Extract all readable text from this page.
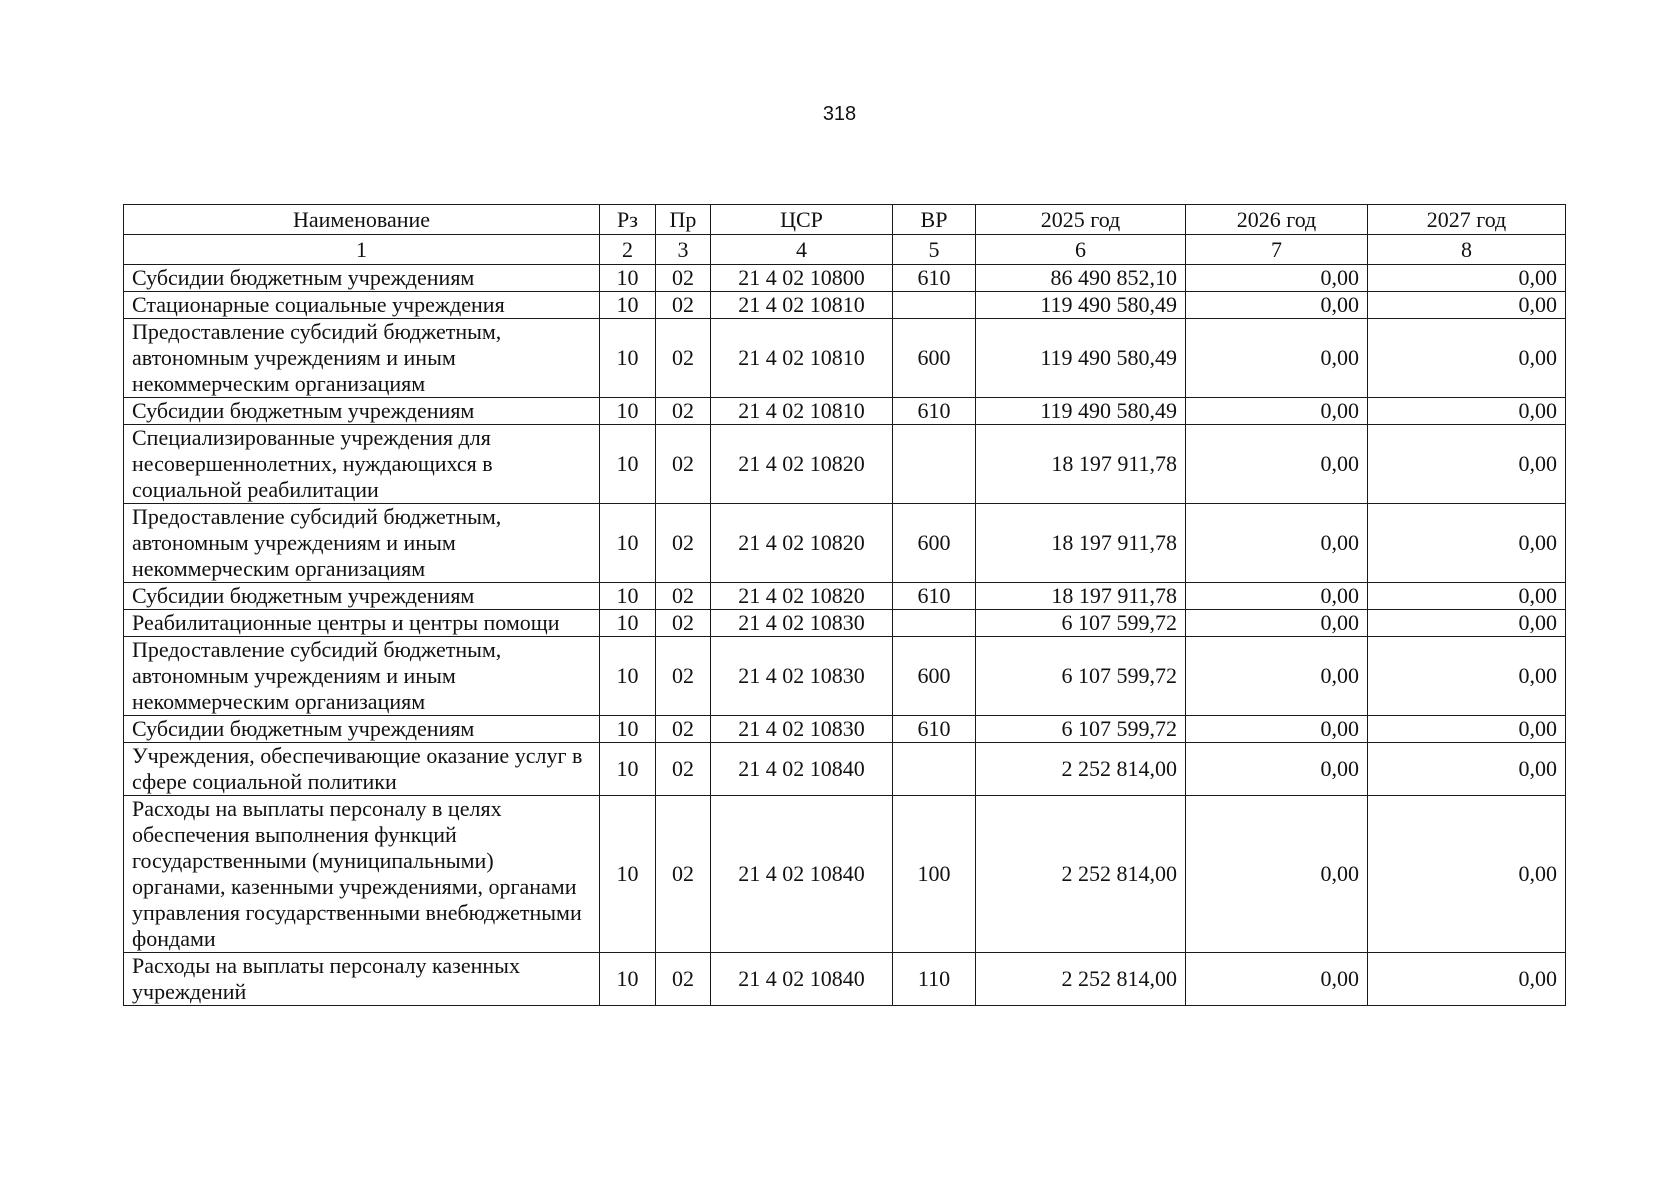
318
Наименование	Рз	Пр	ЦСР	ВР	2025 год	2026 год	2027 год
1	2	3	4	5	6	7	8
Субсидии бюджетным учреждениям	10	02	21 4 02 10800	610	86 490 852,10	0,00	0,00
Стационарные социальные учреждения	10	02	21 4 02 10810		119 490 580,49	0,00	0,00
Предоставление субсидий бюджетным, автономным учреждениям и иным некоммерческим организациям	10	02	21 4 02 10810	600	119 490 580,49	0,00	0,00
Субсидии бюджетным учреждениям	10	02	21 4 02 10810	610	119 490 580,49	0,00	0,00
Специализированные учреждения для несовершеннолетних, нуждающихся в социальной реабилитации	10	02	21 4 02 10820		18 197 911,78	0,00	0,00
Предоставление субсидий бюджетным, автономным учреждениям и иным некоммерческим организациям	10	02	21 4 02 10820	600	18 197 911,78	0,00	0,00
Субсидии бюджетным учреждениям	10	02	21 4 02 10820	610	18 197 911,78	0,00	0,00
Реабилитационные центры и центры помощи	10	02	21 4 02 10830		6 107 599,72	0,00	0,00
Предоставление субсидий бюджетным, автономным учреждениям и иным некоммерческим организациям	10	02	21 4 02 10830	600	6 107 599,72	0,00	0,00
Субсидии бюджетным учреждениям	10	02	21 4 02 10830	610	6 107 599,72	0,00	0,00
Учреждения, обеспечивающие оказание услуг в сфере социальной политики	10	02	21 4 02 10840		2 252 814,00	0,00	0,00
Расходы на выплаты персоналу в целях обеспечения выполнения функций государственными (муниципальными) органами, казенными учреждениями, органами управления государственными внебюджетными фондами	10	02	21 4 02 10840	100	2 252 814,00	0,00	0,00
Расходы на выплаты персоналу казенных учреждений	10	02	21 4 02 10840	110	2 252 814,00	0,00	0,00
